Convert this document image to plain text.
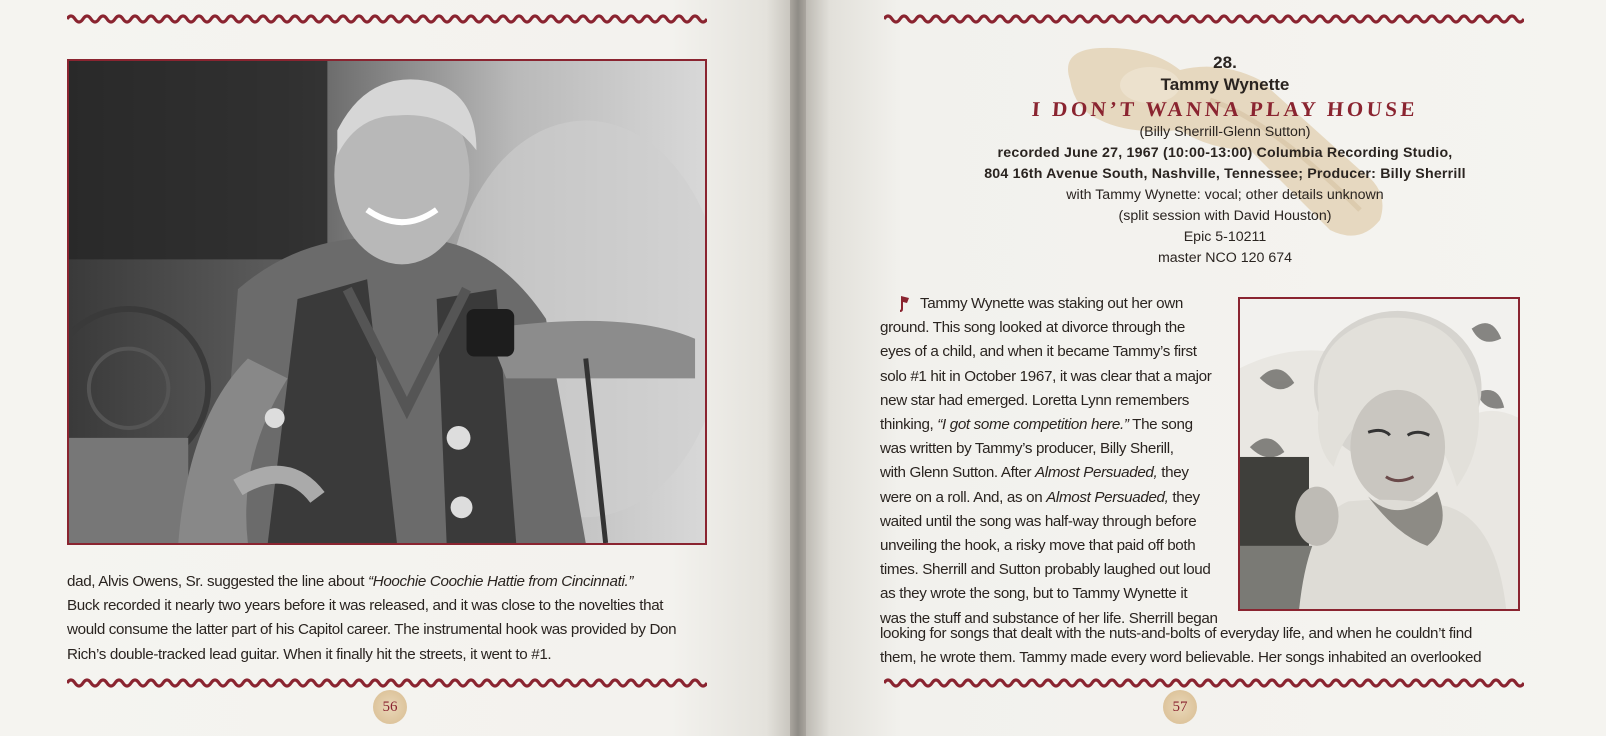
dad, Alvis Owens, Sr. suggested the line about “Hoochie Coochie Hattie from Cincinnati.”

Buck recorded it nearly two years before it was released, and it was close to the novelties that

would consume the latter part of his Capitol career. The instrumental hook was provided by Don

Rich’s double-tracked lead guitar. When it finally hit the streets, it went to #1.

56	57
28.
Tammy Wynette
I DON’T WANNA PLAY HOUSE
(Billy Sherrill-Glenn Sutton)
recorded June 27, 1967 (10:00-13:00) Columbia Recording Studio,
804 16th Avenue South, Nashville, Tennessee; Producer: Billy Sherrill
with Tammy Wynette: vocal; other details unknown
(split session with David Houston)
Epic 5-10211
master NCO 120 674

Tammy Wynette was staking out her own

ground. This song looked at divorce through the

eyes of a child, and when it became Tammy’s first

solo #1 hit in October 1967, it was clear that a major

new star had emerged. Loretta Lynn remembers

thinking, “I got some competition here.” The song

was written by Tammy’s producer, Billy Sherill,

with Glenn Sutton. After Almost Persuaded, they

were on a roll. And, as on Almost Persuaded, they

waited until the song was half-way through before

unveiling the hook, a risky move that paid off both

times. Sherrill and Sutton probably laughed out loud

as they wrote the song, but to Tammy Wynette it

was the stuff and substance of her life. Sherrill began

looking for songs that dealt with the nuts-and-bolts of everyday life, and when he couldn’t find

them, he wrote them. Tammy made every word believable. Her songs inhabited an overlooked
